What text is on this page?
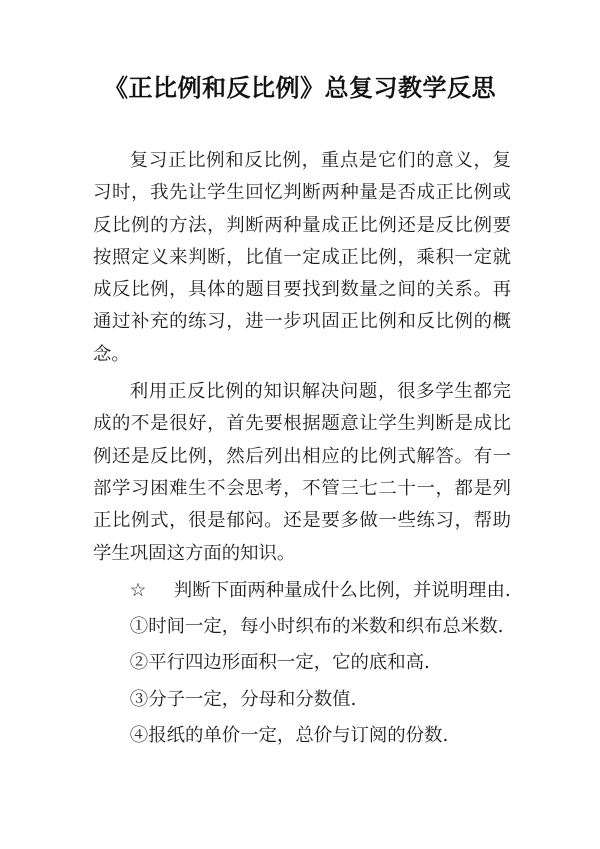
《正比例和反比例》总复习教学反思

复习正比例和反比例，重点是它们的意义，复习时，我先让学生回忆判断两种量是否成正比例或反比例的方法，判断两种量成正比例还是反比例要按照定义来判断，比值一定成正比例，乘积一定就成反比例，具体的题目要找到数量之间的关系。再通过补充的练习，进一步巩固正比例和反比例的概念。

利用正反比例的知识解决问题，很多学生都完成的不是很好，首先要根据题意让学生判断是成比例还是反比例，然后列出相应的比例式解答。有一部学习困难生不会思考，不管三七二十一，都是列正比例式，很是郁闷。还是要多做一些练习，帮助学生巩固这方面的知识。

☆ 判断下面两种量成什么比例，并说明理由.

①时间一定，每小时织布的米数和织布总米数.

②平行四边形面积一定，它的底和高.

③分子一定，分母和分数值.

④报纸的单价一定，总价与订阅的份数.
